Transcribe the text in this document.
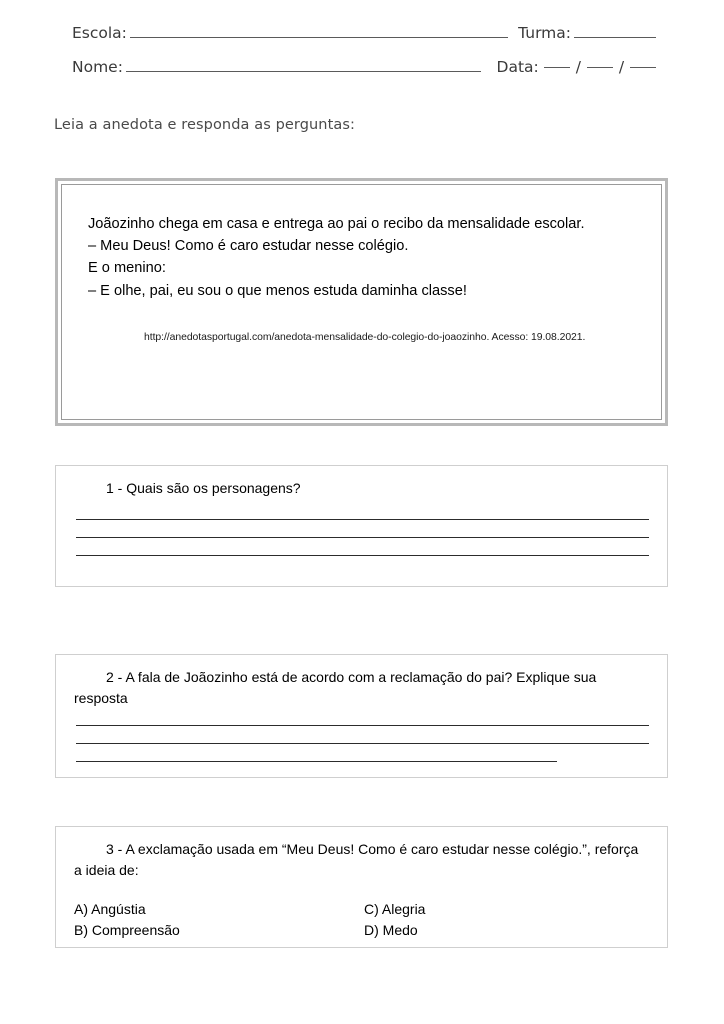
Escola:	Turma:
Nome:	Data:	/ /
Leia a anedota e responda as perguntas:

Joãozinho chega em casa e entrega ao pai o recibo da mensalidade escolar.

– Meu Deus! Como é caro estudar nesse colégio.

E o menino:

– E olhe, pai, eu sou o que menos estuda daminha classe!

http://anedotasportugal.com/anedota-mensalidade-do-colegio-do-joaozinho. Acesso: 19.08.2021.
1 - Quais são os personagens?
2 - A fala de Joãozinho está de acordo com a reclamação do pai? Explique sua resposta
3 - A exclamação usada em “Meu Deus! Como é caro estudar nesse colégio.”, reforça a ideia de:
A) Angústia
B) Compreensão
C) Alegria
D) Medo
